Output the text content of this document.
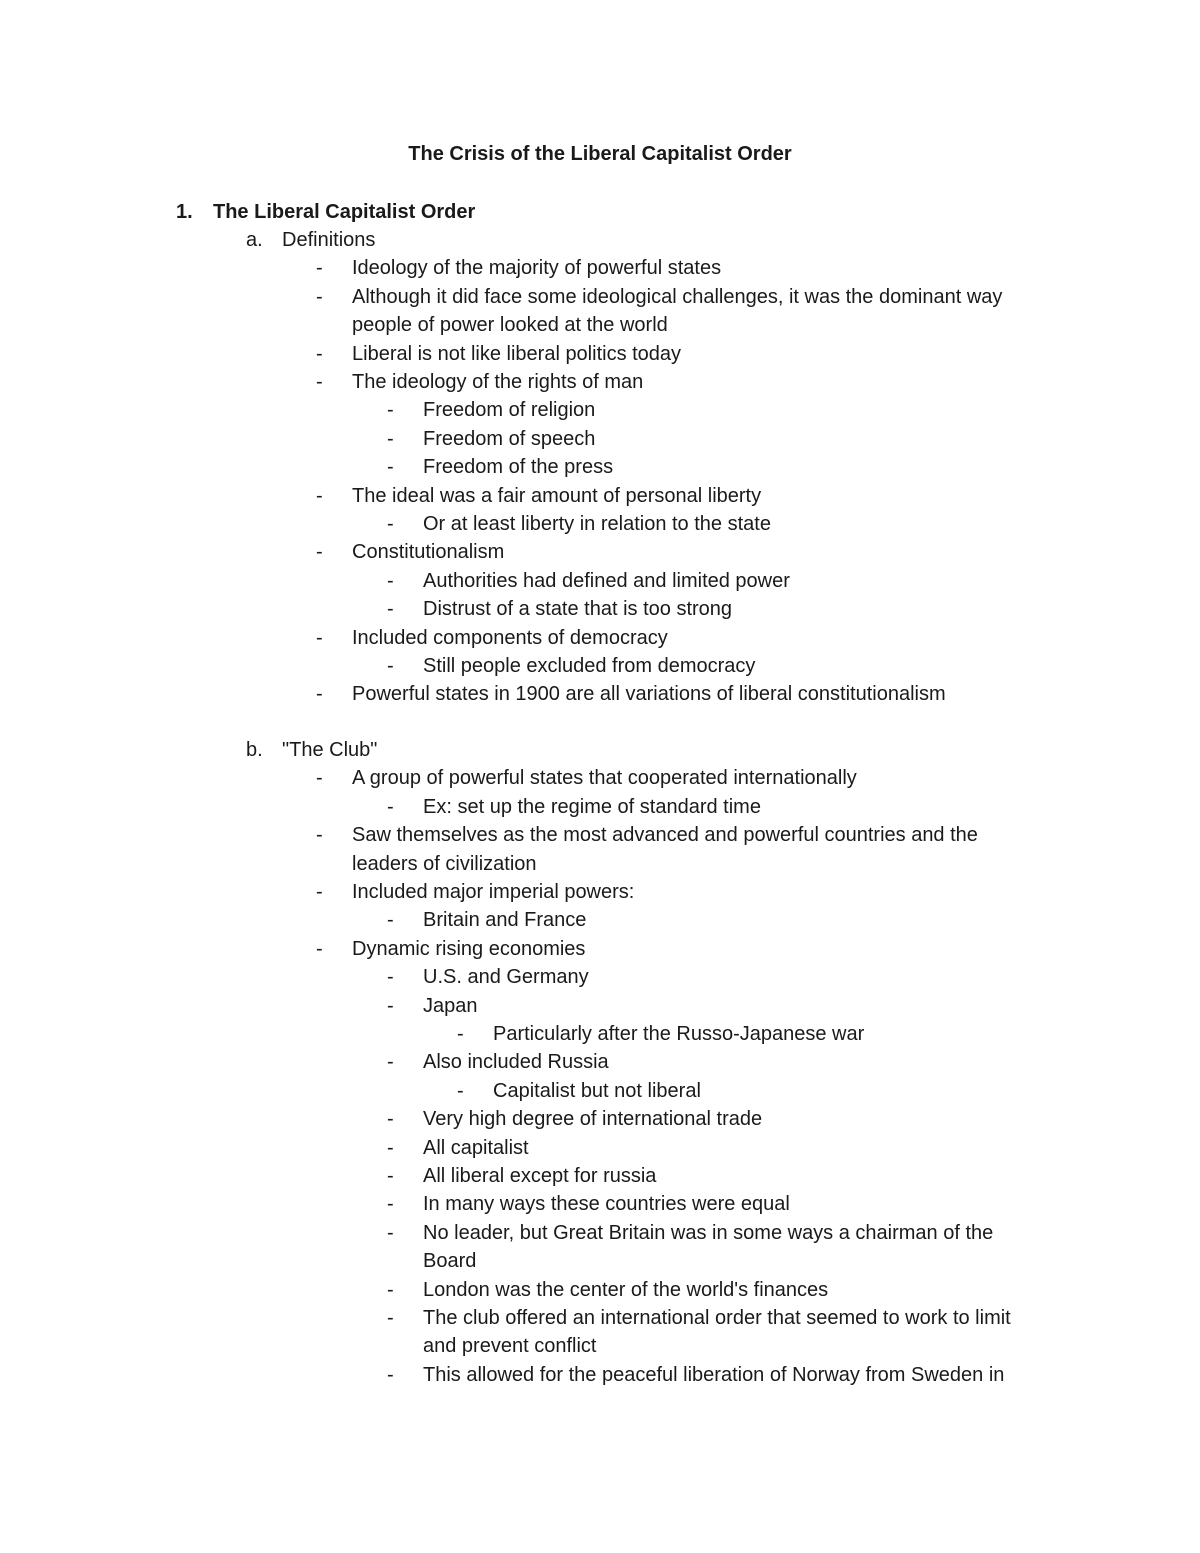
The Crisis of the Liberal Capitalist Order
1. The Liberal Capitalist Order
a. Definitions
- Ideology of the majority of powerful states
- Although it did face some ideological challenges, it was the dominant way
people of power looked at the world
- Liberal is not like liberal politics today
- The ideology of the rights of man
- Freedom of religion
- Freedom of speech
- Freedom of the press
- The ideal was a fair amount of personal liberty
- Or at least liberty in relation to the state
- Constitutionalism
- Authorities had defined and limited power
- Distrust of a state that is too strong
- Included components of democracy
- Still people excluded from democracy
- Powerful states in 1900 are all variations of liberal constitutionalism
b. "The Club"
- A group of powerful states that cooperated internationally
- Ex: set up the regime of standard time
- Saw themselves as the most advanced and powerful countries and the
leaders of civilization
- Included major imperial powers:
- Britain and France
- Dynamic rising economies
- U.S. and Germany
- Japan
- Particularly after the Russo-Japanese war
- Also included Russia
- Capitalist but not liberal
- Very high degree of international trade
- All capitalist
- All liberal except for russia
- In many ways these countries were equal
- No leader, but Great Britain was in some ways a chairman of the
Board
- London was the center of the world's finances
- The club offered an international order that seemed to work to limit
and prevent conflict
- This allowed for the peaceful liberation of Norway from Sweden in
